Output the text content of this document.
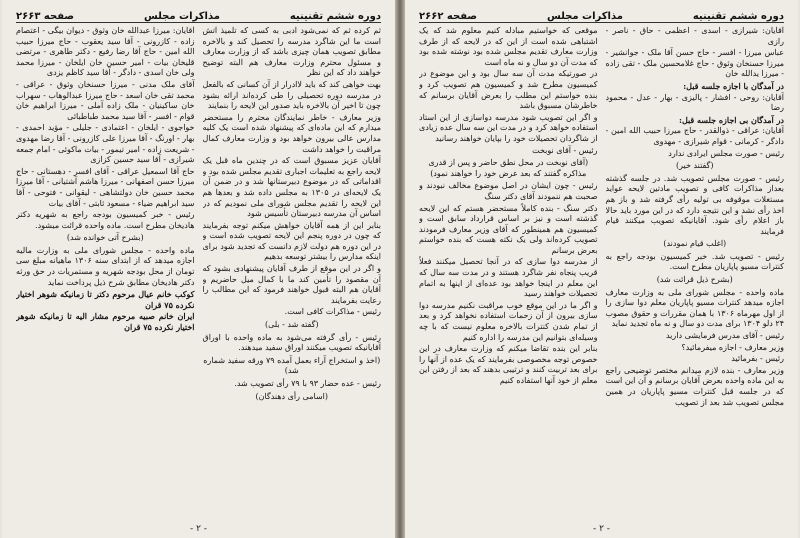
دوره ششم تقنینیه
مذاکرات مجلس
صفحه ۲۶۶۳

ثم کرده ثم که نمی‌شود ادبی به کسی که تلمیذ آتش است ما این شاگرد مدرسه را تحصیل کند و بالاخره مطابق تصویب همان چیزی باشد که از وزارت معارف و مسئول محترم وزارت معارف هم البته توضیح خواهند داد که این نظر

بهت خواهی کند که باید لاادرار از آن کسانی که بالفعل در مدرسه دوره تحصیلی را طی کرده‌اند ارائه بشود چون تا اخیر آن بالاخره باید صدور این لایحه را بنمایند

وزیر معارف - خاطر نمایندگان محترم را مستحضر میدارم که این ماده‌ای که پیشنهاد شده است یک کلیه مدارس عالی بیرون خواهد بود و وزارت معارف کمال مراقبت را خواهد داشت

آقایان عزیز مسبوق است که در چندین ماه قبل یک لایحه راجع به تعلیمات اجباری تقدیم مجلس شده بود و اقداماتی که در موضوع دبیرستانها شد و در ضمن آن یک لایحه‌ای در ۱۳۰۵ به مجلس داده شد و بعدها هم این لایحه را تقدیم مجلس شورای ملی نمودیم که در اساس آن مدرسه دبیرستان تأسیس شود

بنابر این از همه آقایان خواهش میکنم توجه بفرمایند که چون در دوره پنجم این لایحه تصویب شده است و در این دوره هم دولت لازم دانست که تجدید شود برای اینکه مدارس را بیشتر توسعه بدهیم

و اگر در این موقع از طرف آقایان پیشنهادی بشود که آن مقصود را تأمین کند ما با کمال میل حاضریم و آقایان هم البته قبول خواهند فرمود که این مطالب را رعایت بفرمایند

رئیس - مذاکرات کافی است.

(گفته شد - بلی)

رئیس - رأی گرفته می‌شود به ماده واحده با اوراق آقایانیکه تصویب میکنند اوراق سفید میدهند.

(اخذ و استخراج آراء بعمل آمده ۷۹ ورقه سفید شماره شد)

رئیس - عده حضار ۹۳ با ۷۹ رأی تصویب شد.

(اسامی رأی دهندگان)

آقایان: میرزا عبدالله خان وثوق - دیوان بیگی - اعتصام زاده - کازرونی - آقا سید یعقوب - حاج میرزا حبیب الله امین - حاج آقا رضا رفیع - دکتر طاهری - مرتضی قلیخان بیات - امیر حسین خان ایلخان - میرزا محمد ولی خان اسدی - دادگر - آقا سید کاظم یزدی

آقای ملک مدنی - میرزا حسنخان وثوق - عراقی - محمد تقی خان اسعد - حاج میرزا عبدالوهاب - سهراب خان ساکینیان - ملک زاده آملی - میرزا ابراهیم خان قوام - افسر - آقا سید محمد طباطبائی

خواجوی - ایلخان - اعتمادی - جلیلی - مؤید احمدی - بهار - اورنگ - آقا میرزا علی کازرونی - آقا رضا مهدوی - شریعت زاده - امیر تیمور - بیات ماکوئی - امام جمعه شیرازی - آقا سید حسین کزازی

حاج آقا اسمعیل عراقی - آقای افسر - دهستانی - حاج میرزا حسن اصفهانی - میرزا هاشم آشتیانی - آقا میرزا محمد حسین خان دولتشاهی - لیقوانی - فتوحی - آقا سید ابراهیم ضیاء - مسعود ثابتی - آقای بیات

رئیس - خبر کمیسیون بودجه راجع به شهریه دکتر هادیخان مطرح است. ماده واحده قرائت میشود.

(بشرح آتی خوانده شد)

ماده واحده - مجلس شورای ملی به وزارت مالیه اجازه میدهد که از ابتدای سنه ۱۳۰۶ ماهیانه مبلغ سی تومان از محل بودجه شهریه و مستمریات در حق ورثه دکتر هادیخان مطابق شرح ذیل پرداخت نماید

کوکب خانم عیال مرحوم دکتر تا زمانیکه شوهر اختیار نکرده ۷۵ قران

ایران خانم صبیه مرحوم مشار الیه تا زمانیکه شوهر اختیار نکرده ۷۵ قران

- ۲ -
دوره ششم تقنینیه
مذاکرات مجلس
صفحه ۲۶۶۲

آقایان: شیرازی - اسدی - اعظمی - حاق - ناصر - رازی

عباس میرزا - افسر - حاج حسن آقا ملک - جوانشیر - میرزا حسنخان وثوق - حاج غلامحسین ملک - تقی زاده - میرزا یدالله خان

در آمدگان با اجازه جلسه قبل:

آقایان: روحی - افشار - پالیزی - بهار - عدل - محمود رضا

در آمدگان بی اجازه جلسه قبل:

آقایان: عراقی - ذوالقدر - حاج میرزا حبیب الله امین - دادگر - کرمانی - قوام شیرازی - مهدوی

رئیس - صورت مجلس ایرادی ندارد

(گفتند خیر)

رئیس - صورت مجلس تصویب شد. در جلسه گذشته بعداز مذاکرات کافی و تصویب مادتین لایحه عواید مستغلات موقوفه بی تولیه رأی گرفته شد و باز هم اخذ رأی نشد و این نتیجه دارد که در این مورد باید حالا باز اعلام رأی شود. آقایانیکه تصویب میکنند قیام فرمایند

(اغلب قیام نمودند)

رئیس - تصویب شد. خبر کمیسیون بودجه راجع به کنترات مسیو پاپاریان مطرح است.

(بشرح ذیل قرائت شد)

ماده واحده - مجلس شورای ملی به وزارت معارف اجازه میدهد کنترات مسیو پاپاریان معلم دوا سازی را از اول مهرماه ۱۳۰۶ با همان مقررات و حقوق مصوب ۲۴ دلو ۱۳۰۴ برای مدت دو سال و نه ماه تجدید نماید

رئیس - آقای مدرس فرمایشی دارید

وزیر معارف - اجازه میفرمائید؟

رئیس - بفرمائید

وزیر معارف - بنده لازم میدانم مختصر توضیحی راجع به این ماده واحده بعرض آقایان برسانم و آن این است که در جلسه قبل کنترات مسیو پاپاریان در همین مجلس تصویب شد بعد از تصویب

موقعی که خواستیم مبادله کنیم معلوم شد که یک اشتباهی شده است از این که در لایحه که از طرف وزارت معارف تقدیم مجلس شده بود نوشته شده بود که مدت آن دو سال و نه ماه است

در صورتیکه مدت آن سه سال بود و این موضوع در کمیسیون مطرح شد و کمیسیون هم تصویب کرد و بنده خواستم این مطلب را بعرض آقایان برسانم که خاطرشان مسبوق باشد

و اگر این تصویب شود مدرسه دواسازی از این استاد استفاده خواهد کرد و در مدت این سه سال عده زیادی از شاگردان تحصیلات خود را بپایان خواهند رسانید

رئیس - آقای نوبخت

(آقای نوبخت در محل نطق حاضر و پس از قدری مذاکره گفتند که بعد عرض خود را خواهند نمود)

رئیس - چون ایشان در اصل موضوع مخالف نبودند و صحبت هم ننمودند آقای دکتر سنگ

دکتر سنگ - بنده کاملاً مستحضر هستم که این لایحه گذشته است و نیز بر اساس قرارداد سابق است و کمیسیون هم همینطور که آقای وزیر معارف فرمودند تصویب کرده‌اند ولی یک نکته هست که بنده خواستم بعرض برسانم

از مدرسه دوا سازی که در آنجا تحصیل میکنند فعلاً قریب پنجاه نفر شاگرد هستند و در مدت سه سال که این معلم در اینجا خواهد بود عده‌ای از اینها به اتمام تحصیلات خواهند رسید

و اگر ما در این موقع خوب مراقبت نکنیم مدرسه دوا سازی بیرون از آن زحمات استفاده نخواهد کرد و بعد از تمام شدن کنترات بالاخره معلوم نیست که با چه وسیله‌ای بتوانیم این مدرسه را اداره کنیم

بنابر این بنده تقاضا میکنم که وزارت معارف در این خصوص توجه مخصوصی بفرمایند که یک عده از آنها را برای بعد تربیت کنند و ترتیبی بدهند که بعد از رفتن این معلم از خود آنها استفاده کنیم

- ۲ -
